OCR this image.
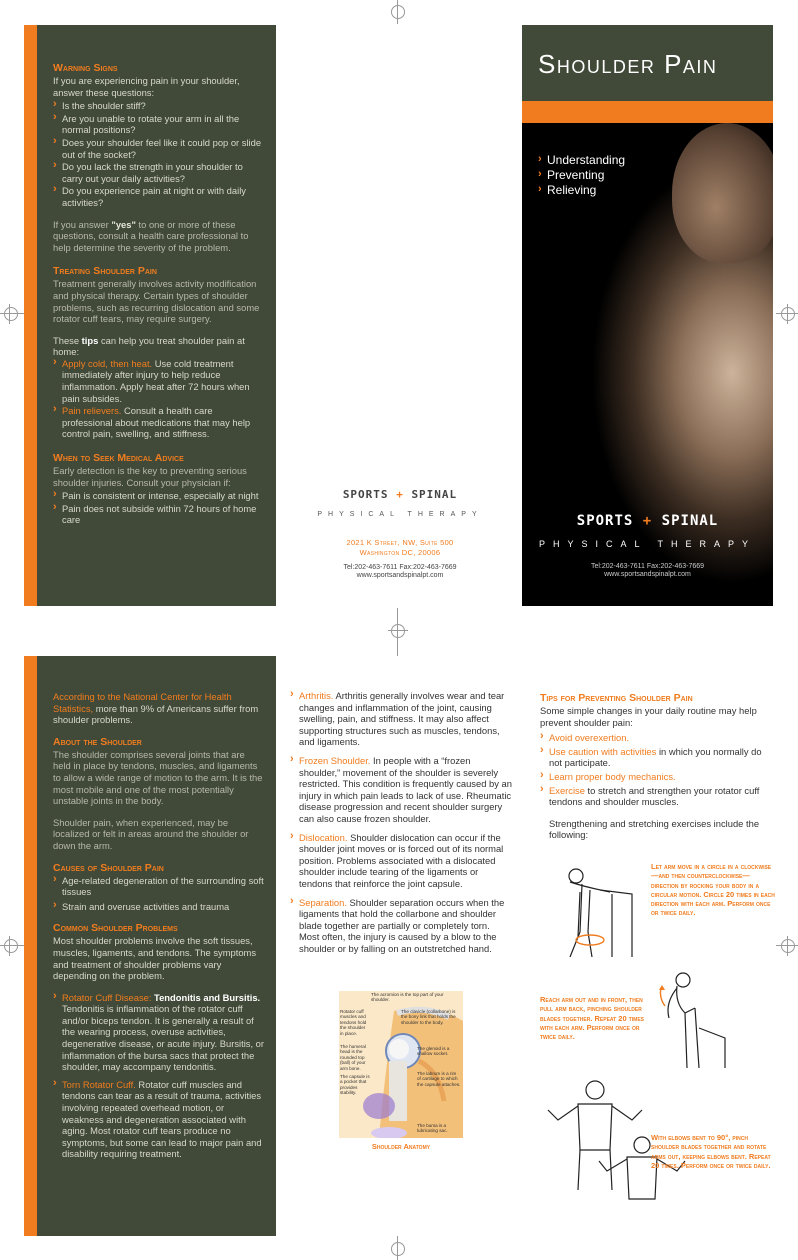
Warning Signs
If you are experiencing pain in your shoulder, answer these questions:
› Is the shoulder stiff?
› Are you unable to rotate your arm in all the normal positions?
› Does your shoulder feel like it could pop or slide out of the socket?
› Do you lack the strength in your shoulder to carry out your daily activities?
› Do you experience pain at night or with daily activities?
If you answer "yes" to one or more of these questions, consult a health care professional to help determine the severity of the problem.
Treating Shoulder Pain
Treatment generally involves activity modification and physical therapy. Certain types of shoulder problems, such as recurring dislocation and some rotator cuff tears, may require surgery.
These tips can help you treat shoulder pain at home:
› Apply cold, then heat. Use cold treatment immediately after injury to help reduce inflammation. Apply heat after 72 hours when pain subsides.
› Pain relievers. Consult a health care professional about medications that may help control pain, swelling, and stiffness.
When to Seek Medical Advice
Early detection is the key to preventing serious shoulder injuries. Consult your physician if:
› Pain is consistent or intense, especially at night
› Pain does not subside within 72 hours of home care
SPORTS + SPINAL
PHYSICAL THERAPY
2021 K Street, NW, Suite 500
Washington DC, 20006
Tel:202-463-7611 Fax:202-463-7669
www.sportsandspinalpt.com
Shoulder Pain
› Understanding
› Preventing
› Relieving
SPORTS + SPINAL
PHYSICAL THERAPY
Tel:202-463-7611 Fax:202-463-7669
www.sportsandspinalpt.com
According to the National Center for Health Statistics, more than 9% of Americans suffer from shoulder problems.
About the Shoulder
The shoulder comprises several joints that are held in place by tendons, muscles, and ligaments to allow a wide range of motion to the arm. It is the most mobile and one of the most potentially unstable joints in the body.
Shoulder pain, when experienced, may be localized or felt in areas around the shoulder or down the arm.
Causes of Shoulder Pain
› Age-related degeneration of the surrounding soft tissues
› Strain and overuse activities and trauma
Common Shoulder Problems
Most shoulder problems involve the soft tissues, muscles, ligaments, and tendons. The symptoms and treatment of shoulder problems vary depending on the problem.
› Rotator Cuff Disease: Tendonitis and Bursitis. Tendonitis is inflammation of the rotator cuff and/or biceps tendon. It is generally a result of the wearing process, overuse activities, degenerative disease, or acute injury. Bursitis, or inflammation of the bursa sacs that protect the shoulder, may accompany tendonitis.
› Torn Rotator Cuff. Rotator cuff muscles and tendons can tear as a result of trauma, activities involving repeated overhead motion, or weakness and degeneration associated with aging. Most rotator cuff tears produce no symptoms, but some can lead to major pain and disability requiring treatment.
› Arthritis. Arthritis generally involves wear and tear changes and inflammation of the joint, causing swelling, pain, and stiffness. It may also affect supporting structures such as muscles, tendons, and ligaments.
› Frozen Shoulder. In people with a “frozen shoulder,” movement of the shoulder is severely restricted. This condition is frequently caused by an injury in which pain leads to lack of use. Rheumatic disease progression and recent shoulder surgery can also cause frozen shoulder.
› Dislocation. Shoulder dislocation can occur if the shoulder joint moves or is forced out of its normal position. Problems associated with a dislocated shoulder include tearing of the ligaments or tendons that reinforce the joint capsule.
› Separation. Shoulder separation occurs when the ligaments that hold the collarbone and shoulder blade together are partially or completely torn. Most often, the injury is caused by a blow to the shoulder or by falling on an outstretched hand.
The acromion is the top part of your shoulder.
Rotator cuff muscles and tendons hold the shoulder in place.
The clavicle (collarbone) is the bony link that holds the shoulder to the body.
The humeral head is the rounded top (ball) of your arm bone.
The glenoid is a shallow socket.
The capsule is a pocket that provides stability.
The labrum is a rim of cartilage to which the capsule attaches.
The bursa is a lubricating sac.
Shoulder Anatomy
Tips for Preventing Shoulder Pain
Some simple changes in your daily routine may help prevent shoulder pain:
› Avoid overexertion.
› Use caution with activities in which you normally do not participate.
› Learn proper body mechanics.
› Exercise to stretch and strengthen your rotator cuff tendons and shoulder muscles.
Strengthening and stretching exercises include the following:
Let arm move in a circle in a clockwise—and then counterclockwise—direction by rocking your body in a circular motion. Circle 20 times in each direction with each arm. Perform once or twice daily.
Reach arm out and in front, then pull arm back, pinching shoulder blades together. Repeat 20 times with each arm. Perform once or twice daily.
With elbows bent to 90°, pinch shoulder blades together and rotate arms out, keeping elbows bent. Repeat 20 times. Perform once or twice daily.
